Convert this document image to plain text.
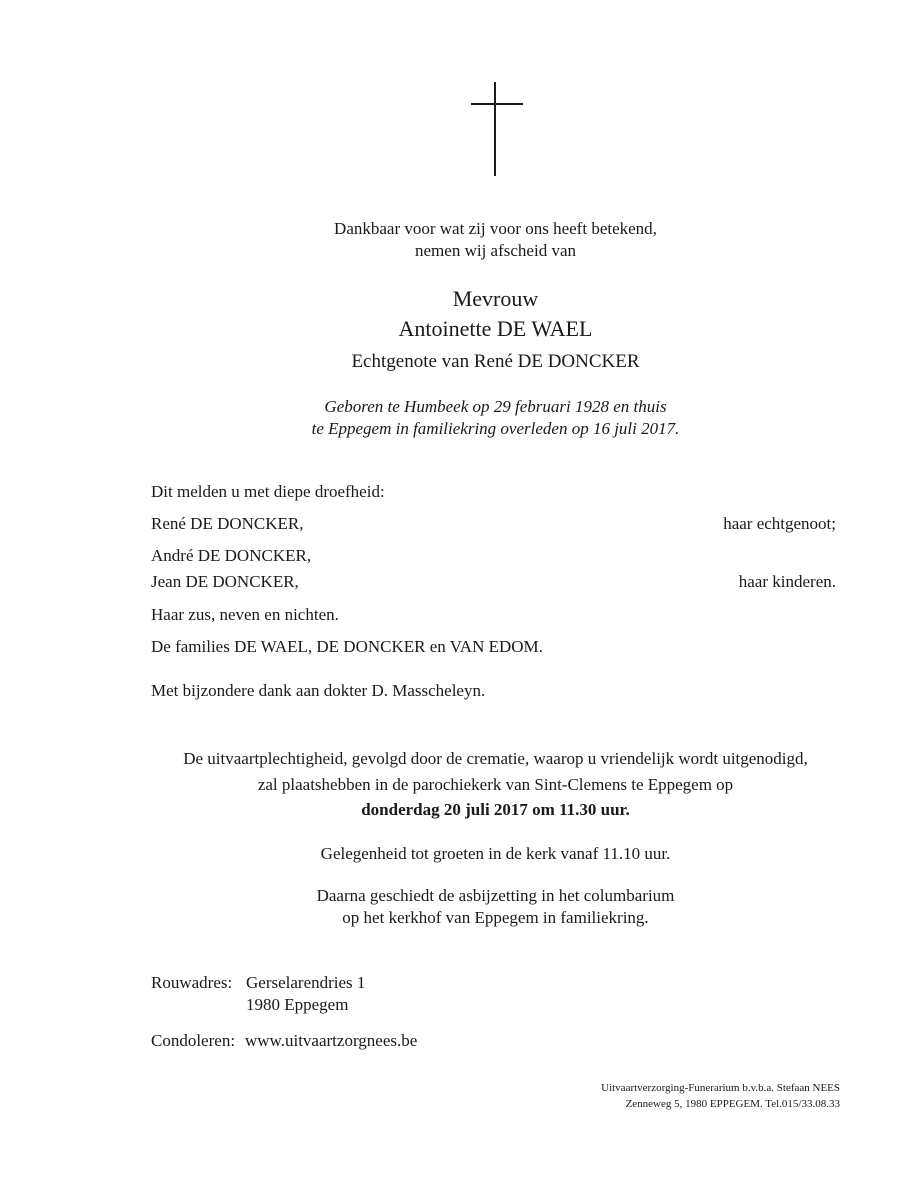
Dankbaar voor wat zij voor ons heeft betekend,
nemen wij afscheid van
Mevrouw
Antoinette DE WAEL
Echtgenote van René DE DONCKER
Geboren te Humbeek op 29 februari 1928 en thuis
te Eppegem in familiekring overleden op 16 juli 2017.
Dit melden u met diepe droefheid:
René DE DONCKER,	haar echtgenoot;
André DE DONCKER,
Jean DE DONCKER,	haar kinderen.
Haar zus, neven en nichten.
De families DE WAEL, DE DONCKER en VAN EDOM.
Met bijzondere dank aan dokter D. Masscheleyn.
De uitvaartplechtigheid, gevolgd door de crematie, waarop u vriendelijk wordt uitgenodigd,
zal plaatshebben in de parochiekerk van Sint-Clemens te Eppegem op
donderdag 20 juli 2017 om 11.30 uur.
Gelegenheid tot groeten in de kerk vanaf 11.10 uur.
Daarna geschiedt de asbijzetting in het columbarium
op het kerkhof van Eppegem in familiekring.
Rouwadres: Gerselarendries 1
1980 Eppegem
Condoleren: www.uitvaartzorgnees.be
Uitvaartverzorging-Funerarium b.v.b.a. Stefaan NEES
Zenneweg 5, 1980 EPPEGEM. Tel.015/33.08.33
